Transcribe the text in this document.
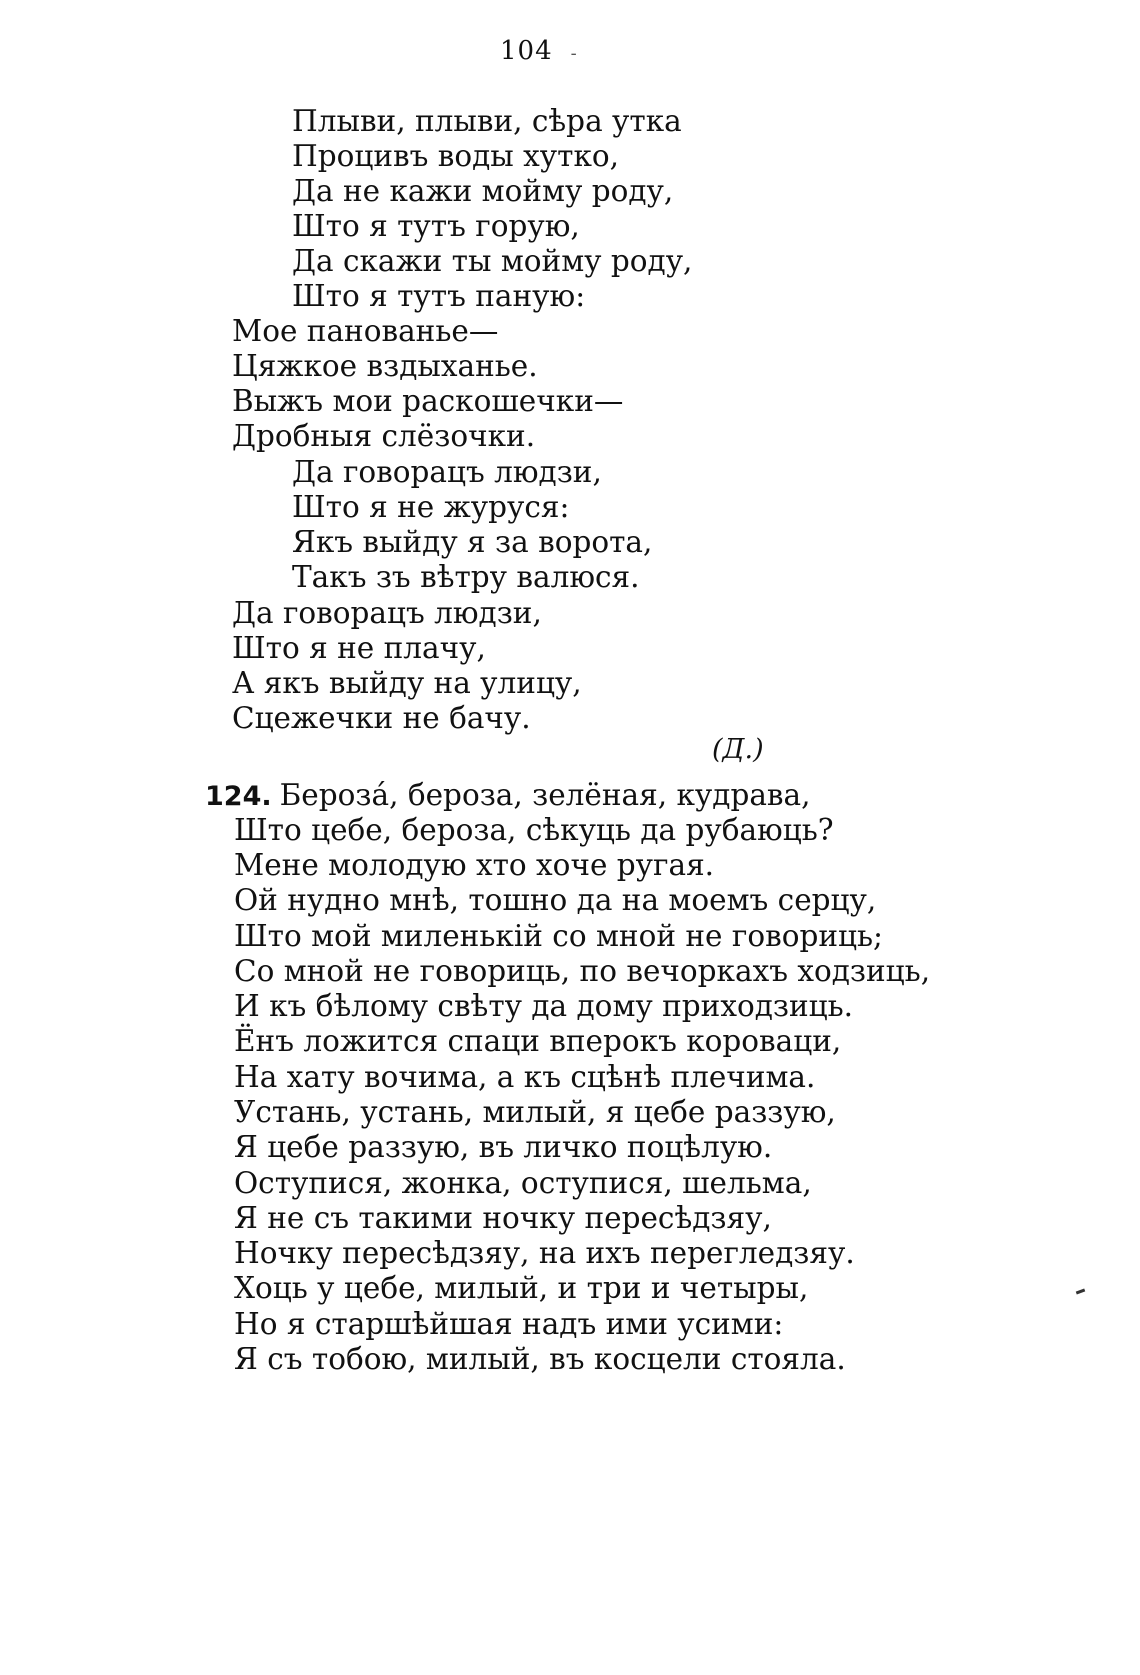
104 -
Плыви, плыви, сѣра утка
Процивъ воды хутко,
Да не кажи мойму роду,
Што я тутъ горую,
Да скажи ты мойму роду,
Што я тутъ паную:
Мое панованье—
Цяжкое вздыханье.
Выжъ мои раскошечки—
Дробныя слёзочки.
Да говорацъ людзи,
Што я не журуся:
Якъ выйду я за ворота,
Такъ зъ вѣтру валюся.
Да говорацъ людзи,
Што я не плачу,
А якъ выйду на улицу,
Сцежечки не бачу.
(Д.)
124. Бероза́, бероза, зелёная, кудрава,
Што цебе, бероза, сѣкуць да рубаюць?
Мене молодую хто хоче ругая.
Ой нудно мнѣ, тошно да на моемъ серцу,
Што мой миленькій со мной не говориць;
Со мной не говориць, по вечоркахъ ходзиць,
И къ бѣлому свѣту да дому приходзиць.
Ёнъ ложится спаци вперокъ короваци,
На хату вочима, а къ сцѣнѣ плечима.
Устань, устань, милый, я цебе раззую,
Я цебе раззую, въ личко поцѣлую.
Оступися, жонка, оступися, шельма,
Я не съ такими ночку пересѣдзяу,
Ночку пересѣдзяу, на ихъ перегледзяу.
Хоць у цебе, милый, и три и четыры,
Но я старшѣйшая надъ ими усими:
Я съ тобою, милый, въ косцели стояла.
